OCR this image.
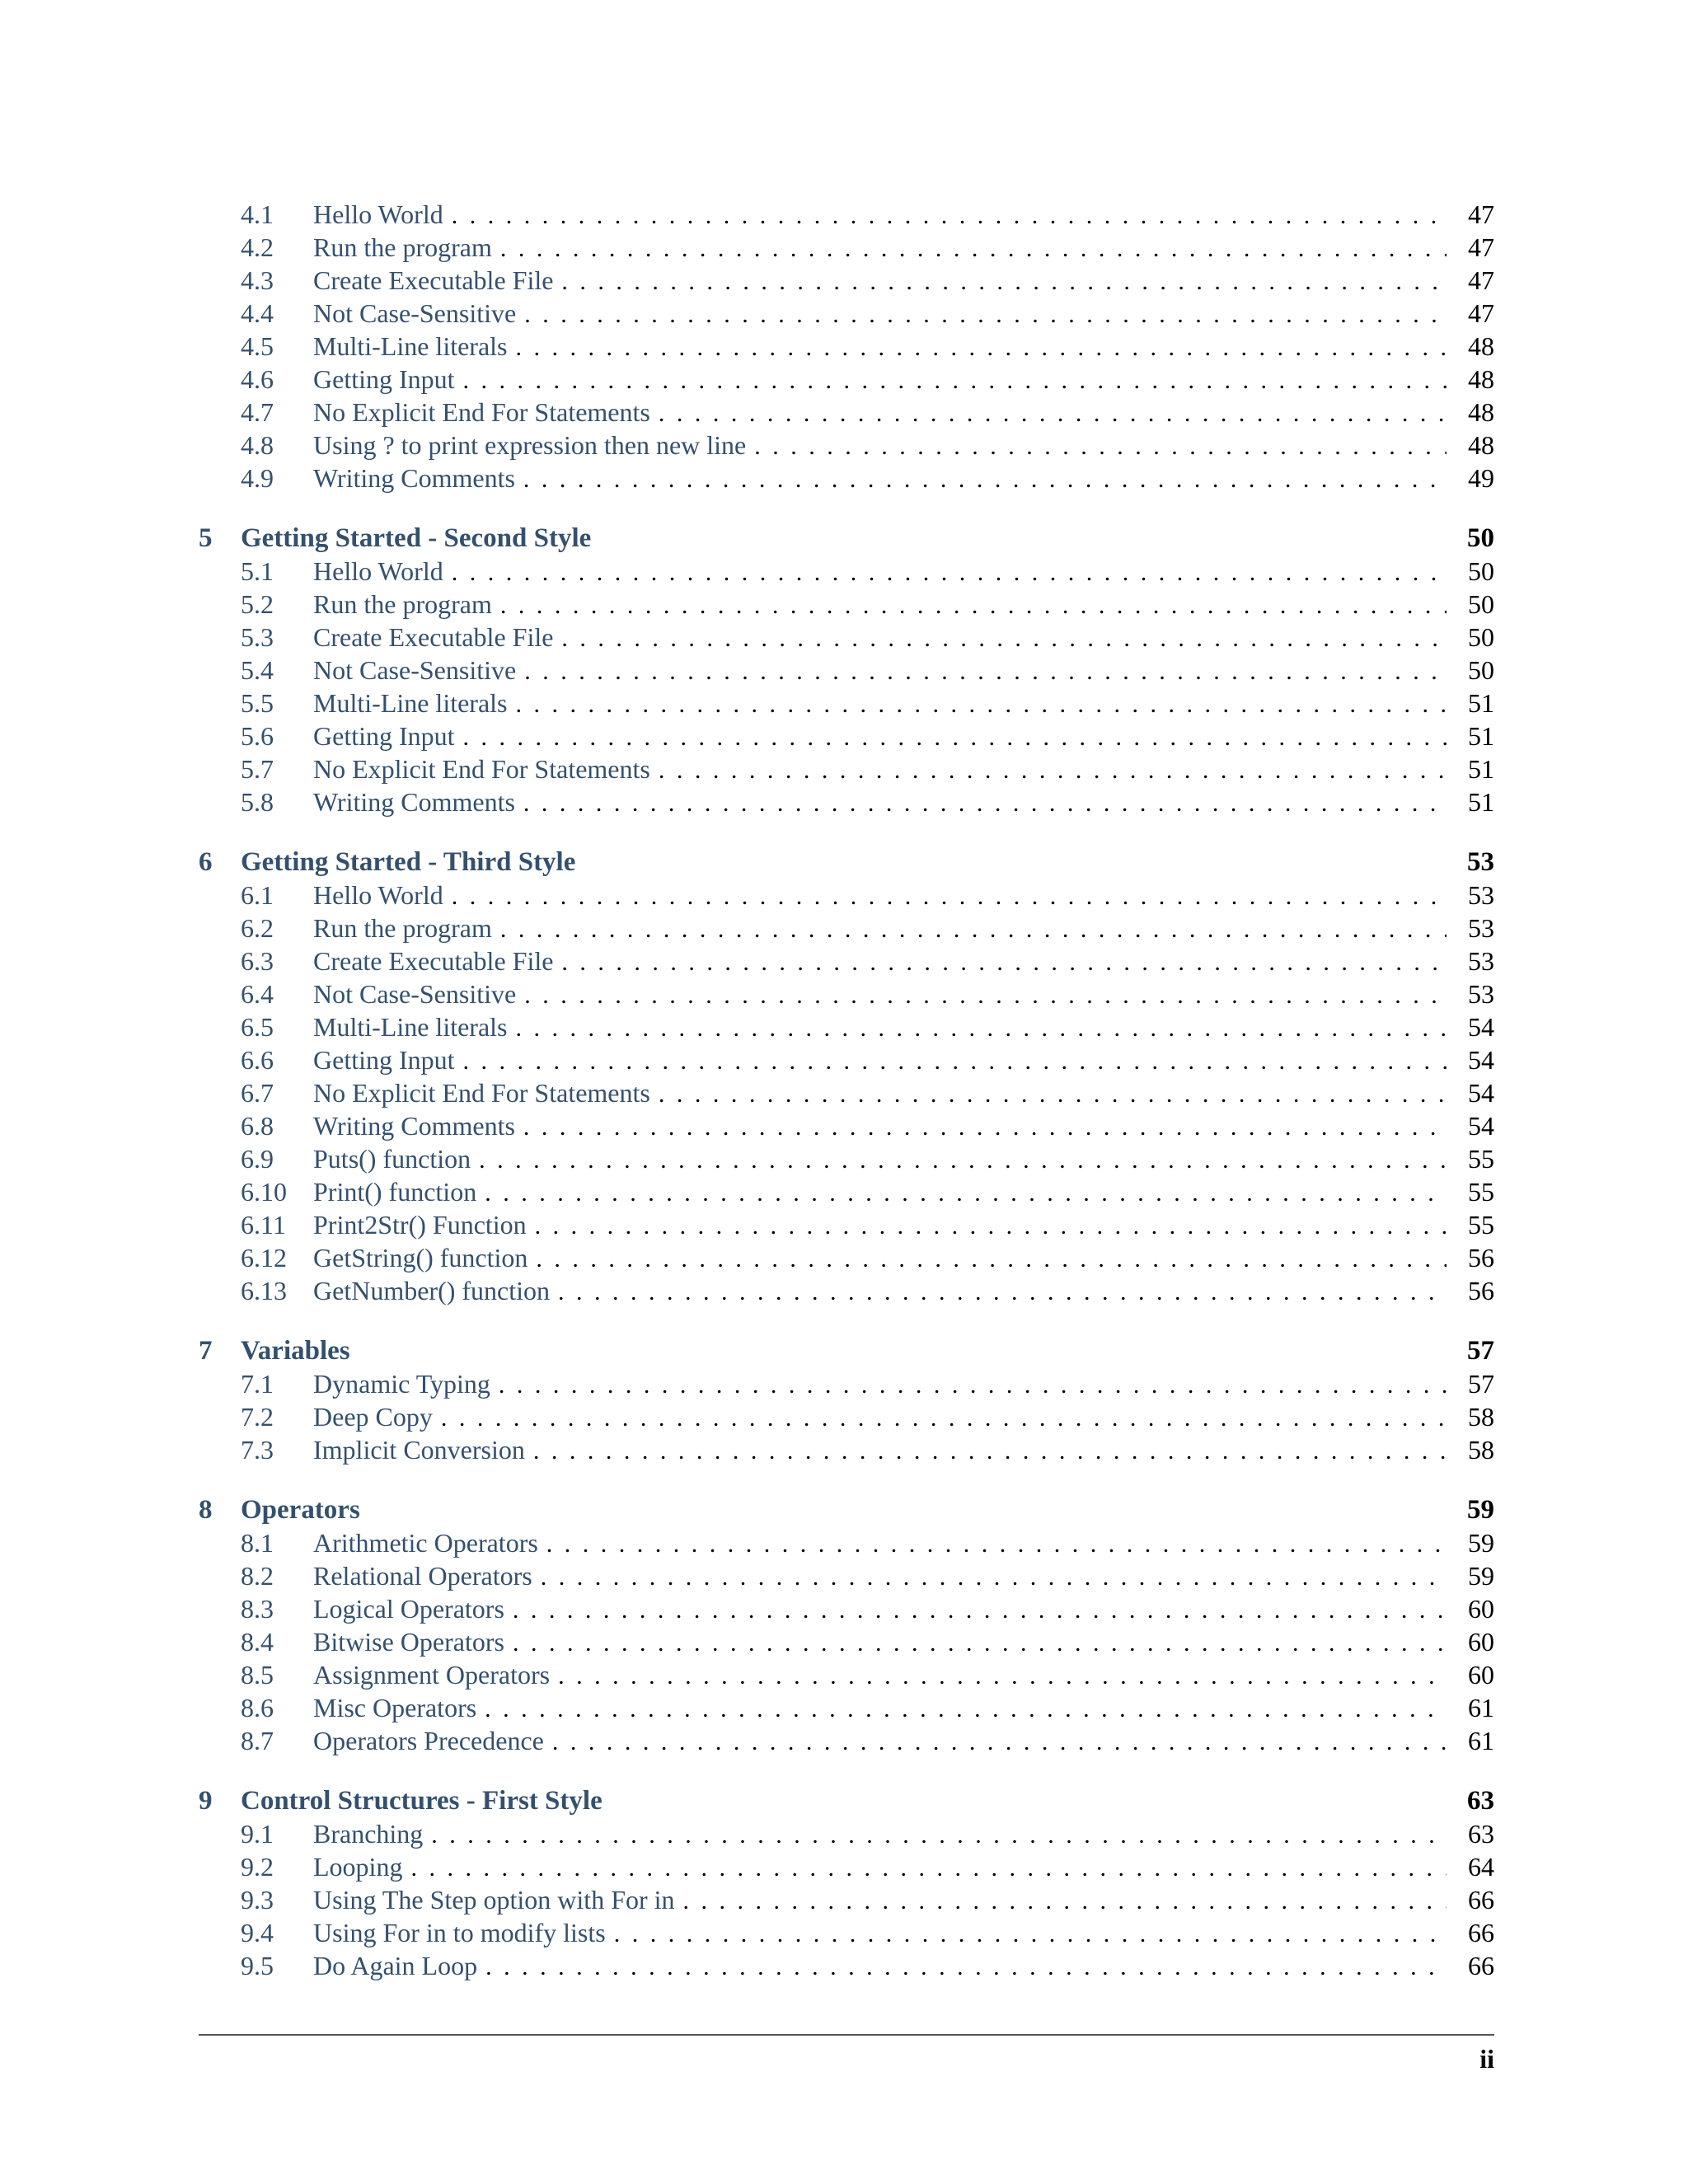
4.1	Hello World . . .	47
4.2	Run the program . . .	47
4.3	Create Executable File . . .	47
4.4	Not Case-Sensitive . . .	47
4.5	Multi-Line literals . . .	48
4.6	Getting Input . . .	48
4.7	No Explicit End For Statements . . .	48
4.8	Using ? to print expression then new line . . .	48
4.9	Writing Comments . . .	49
5	Getting Started - Second Style	50
5.1	Hello World . . .	50
5.2	Run the program . . .	50
5.3	Create Executable File . . .	50
5.4	Not Case-Sensitive . . .	50
5.5	Multi-Line literals . . .	51
5.6	Getting Input . . .	51
5.7	No Explicit End For Statements . . .	51
5.8	Writing Comments . . .	51
6	Getting Started - Third Style	53
6.1	Hello World . . .	53
6.2	Run the program . . .	53
6.3	Create Executable File . . .	53
6.4	Not Case-Sensitive . . .	53
6.5	Multi-Line literals . . .	54
6.6	Getting Input . . .	54
6.7	No Explicit End For Statements . . .	54
6.8	Writing Comments . . .	54
6.9	Puts() function . . .	55
6.10	Print() function . . .	55
6.11	Print2Str() Function . . .	55
6.12	GetString() function . . .	56
6.13	GetNumber() function . . .	56
7	Variables	57
7.1	Dynamic Typing . . .	57
7.2	Deep Copy . . .	58
7.3	Implicit Conversion . . .	58
8	Operators	59
8.1	Arithmetic Operators . . .	59
8.2	Relational Operators . . .	59
8.3	Logical Operators . . .	60
8.4	Bitwise Operators . . .	60
8.5	Assignment Operators . . .	60
8.6	Misc Operators . . .	61
8.7	Operators Precedence . . .	61
9	Control Structures - First Style	63
9.1	Branching . . .	63
9.2	Looping . . .	64
9.3	Using The Step option with For in . . .	66
9.4	Using For in to modify lists . . .	66
9.5	Do Again Loop . . .	66
ii
